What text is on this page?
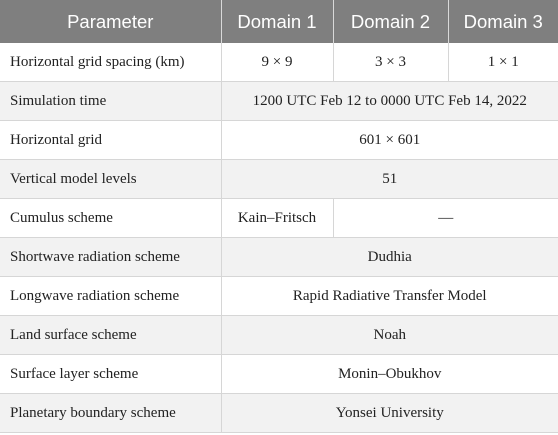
Parameter	Domain 1	Domain 2	Domain 3
Horizontal grid spacing (km)	9 × 9	3 × 3	1 × 1
Simulation time	1200 UTC Feb 12 to 0000 UTC Feb 14, 2022		
Horizontal grid	601 × 601		
Vertical model levels	51		
Cumulus scheme	Kain–Fritsch	—	
Shortwave radiation scheme	Dudhia		
Longwave radiation scheme	Rapid Radiative Transfer Model		
Land surface scheme	Noah		
Surface layer scheme	Monin–Obukhov		
Planetary boundary scheme	Yonsei University		
